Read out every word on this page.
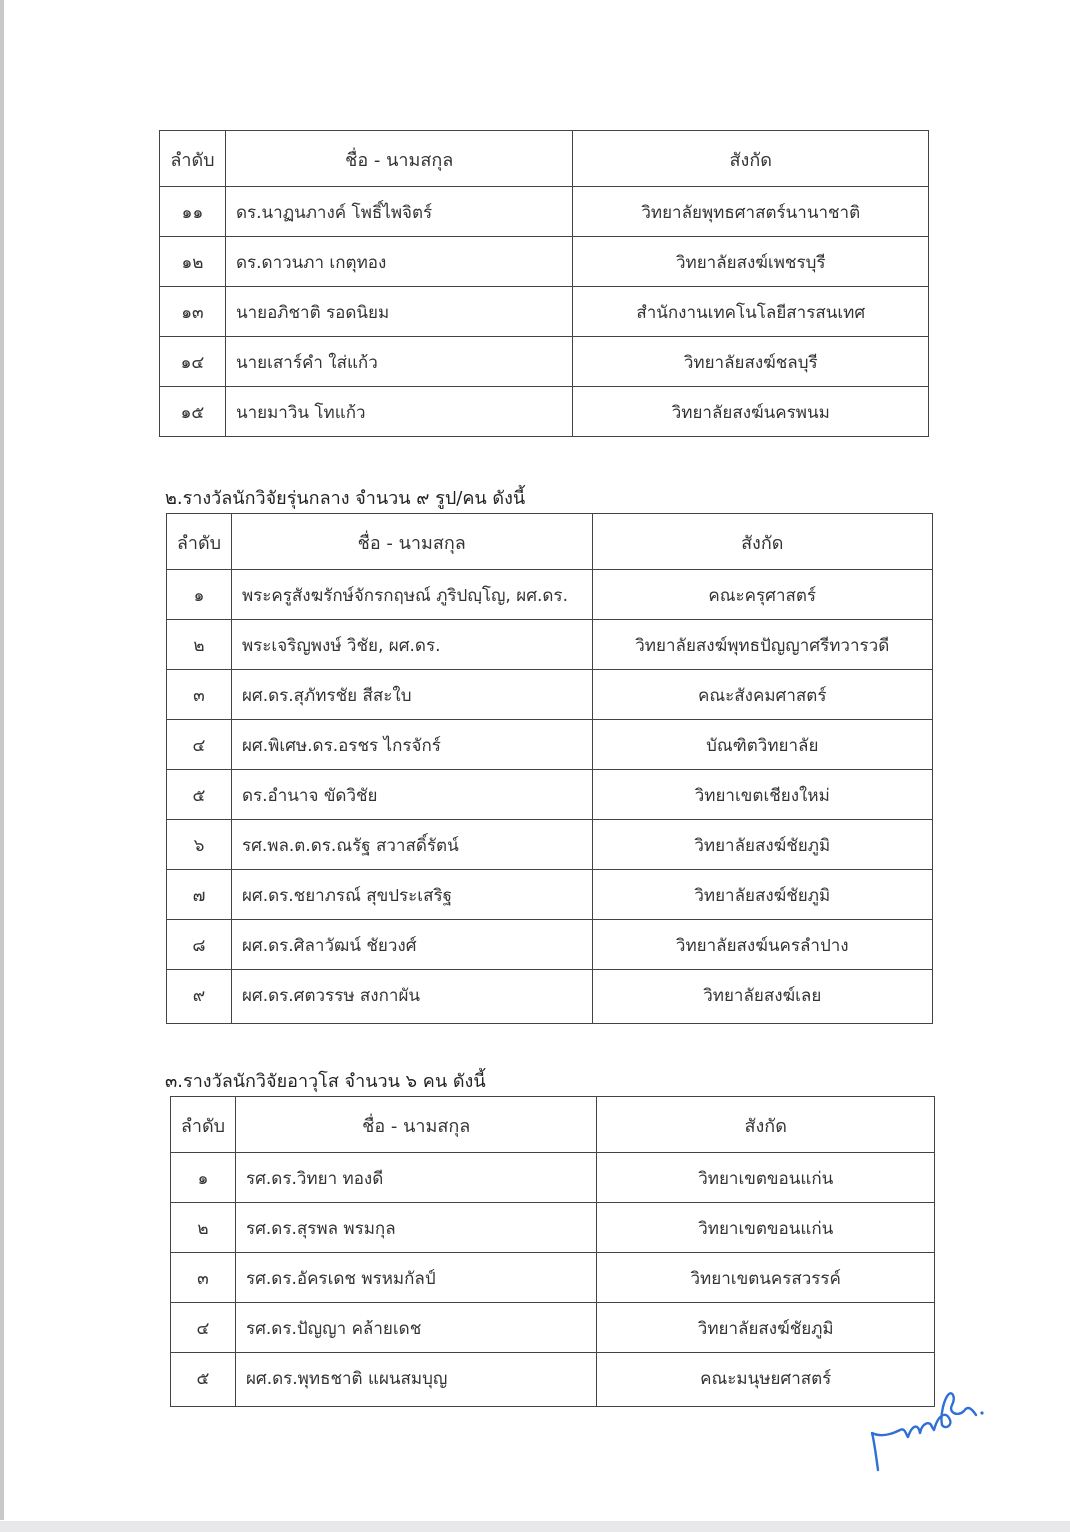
ลำดับ	ชื่อ - นามสกุล	สังกัด
๑๑	ดร.นาฏนภางค์ โพธิ์ไพจิตร์	วิทยาลัยพุทธศาสตร์นานาชาติ
๑๒	ดร.ดาวนภา เกตุทอง	วิทยาลัยสงฆ์เพชรบุรี
๑๓	นายอภิชาติ รอดนิยม	สำนักงานเทคโนโลยีสารสนเทศ
๑๔	นายเสาร์คำ ใส่แก้ว	วิทยาลัยสงฆ์ชลบุรี
๑๕	นายมาวิน โทแก้ว	วิทยาลัยสงฆ์นครพนม
๒.รางวัลนักวิจัยรุ่นกลาง จำนวน ๙ รูป/คน ดังนี้
ลำดับ	ชื่อ - นามสกุล	สังกัด
๑	พระครูสังฆรักษ์จักรกฤษณ์ ภูริปญฺโญ, ผศ.ดร.	คณะครุศาสตร์
๒	พระเจริญพงษ์ วิชัย, ผศ.ดร.	วิทยาลัยสงฆ์พุทธปัญญาศรีทวารวดี
๓	ผศ.ดร.สุภัทรชัย สีสะใบ	คณะสังคมศาสตร์
๔	ผศ.พิเศษ.ดร.อรชร ไกรจักร์	บัณฑิตวิทยาลัย
๕	ดร.อำนาจ ขัดวิชัย	วิทยาเขตเชียงใหม่
๖	รศ.พล.ต.ดร.ณรัฐ สวาสดิ์รัตน์	วิทยาลัยสงฆ์ชัยภูมิ
๗	ผศ.ดร.ชยาภรณ์ สุขประเสริฐ	วิทยาลัยสงฆ์ชัยภูมิ
๘	ผศ.ดร.ศิลาวัฒน์ ชัยวงศ์	วิทยาลัยสงฆ์นครลำปาง
๙	ผศ.ดร.ศตวรรษ สงกาผัน	วิทยาลัยสงฆ์เลย
๓.รางวัลนักวิจัยอาวุโส จำนวน ๖ คน ดังนี้
ลำดับ	ชื่อ - นามสกุล	สังกัด
๑	รศ.ดร.วิทยา ทองดี	วิทยาเขตขอนแก่น
๒	รศ.ดร.สุรพล พรมกุล	วิทยาเขตขอนแก่น
๓	รศ.ดร.อัครเดช พรหมกัลป์	วิทยาเขตนครสวรรค์
๔	รศ.ดร.ปัญญา คล้ายเดช	วิทยาลัยสงฆ์ชัยภูมิ
๕	ผศ.ดร.พุทธชาติ แผนสมบุญ	คณะมนุษยศาสตร์
